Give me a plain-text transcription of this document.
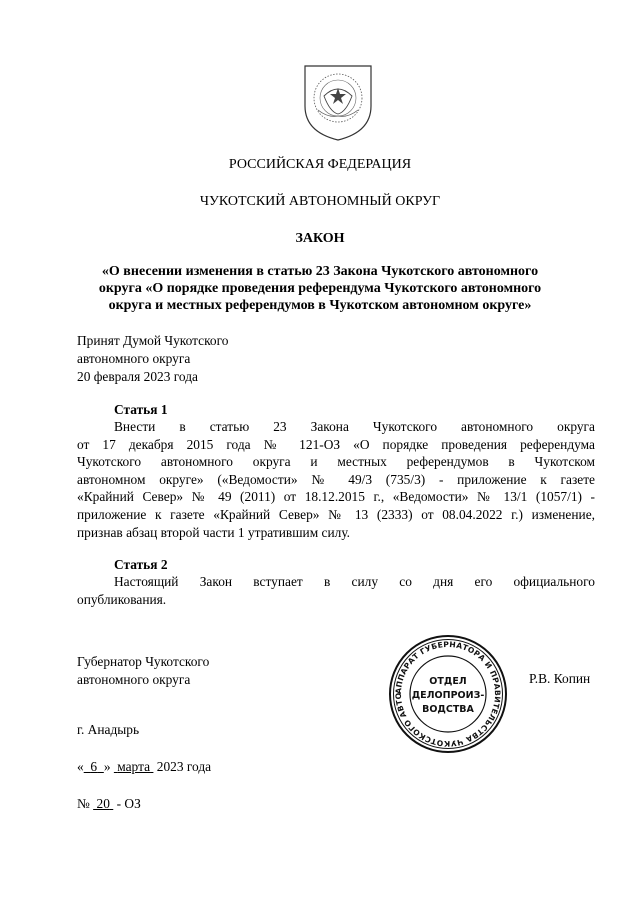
РОССИЙСКАЯ ФЕДЕРАЦИЯ
ЧУКОТСКИЙ АВТОНОМНЫЙ ОКРУГ
ЗАКОН
«О внесении изменения в статью 23 Закона Чукотского автономного
округа «О порядке проведения референдума Чукотского автономного
округа и местных референдумов в Чукотском автономном округе»
Принят Думой Чукотского
автономного округа
20 февраля 2023 года
Статья 1
Внести в статью 23 Закона Чукотского автономного округа
от 17 декабря 2015 года № 121-ОЗ «О порядке проведения референдума
Чукотского автономного округа и местных референдумов в Чукотском
автономном округе» («Ведомости» № 49/3 (735/3) - приложение к газете
«Крайний Север» № 49 (2011) от 18.12.2015 г., «Ведомости» № 13/1 (1057/1) -
приложение к газете «Крайний Север» № 13 (2333) от 08.04.2022 г.) изменение,
признав абзац второй части 1 утратившим силу.
Статья 2
Настоящий Закон вступает в силу со дня его официального
опубликования.
Губернатор Чукотского
автономного округа	Р.В. Копин
АППАРАТ ГУБЕРНАТОРА И ПРАВИТЕЛЬСТВА ЧУКОТСКОГО АВТО
ОТДЕЛ
ДЕЛОПРОИЗ-
ВОДСТВА
г. Анадырь
« 6 » марта 2023 года
№ 20 - ОЗ
